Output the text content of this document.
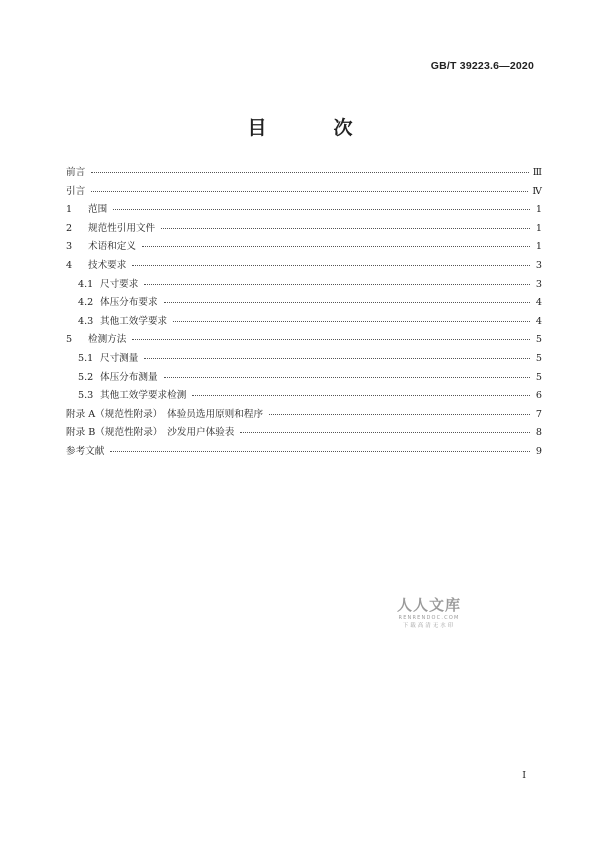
GB/T 39223.6—2020
目　次
前言	Ⅲ
引言	Ⅳ
1 范围	1
2 规范性引用文件	1
3 术语和定义	1
4 技术要求	3
4.1 尺寸要求	3
4.2 体压分布要求	4
4.3 其他工效学要求	4
5 检测方法	5
5.1 尺寸测量	5
5.2 体压分布测量	5
5.3 其他工效学要求检测	6
附录 A（规范性附录）　体验员选用原则和程序	7
附录 B（规范性附录）　沙发用户体验表	8
参考文献	9
人人文库
RENRENDOC.COM
下载高清无水印
Ⅰ
